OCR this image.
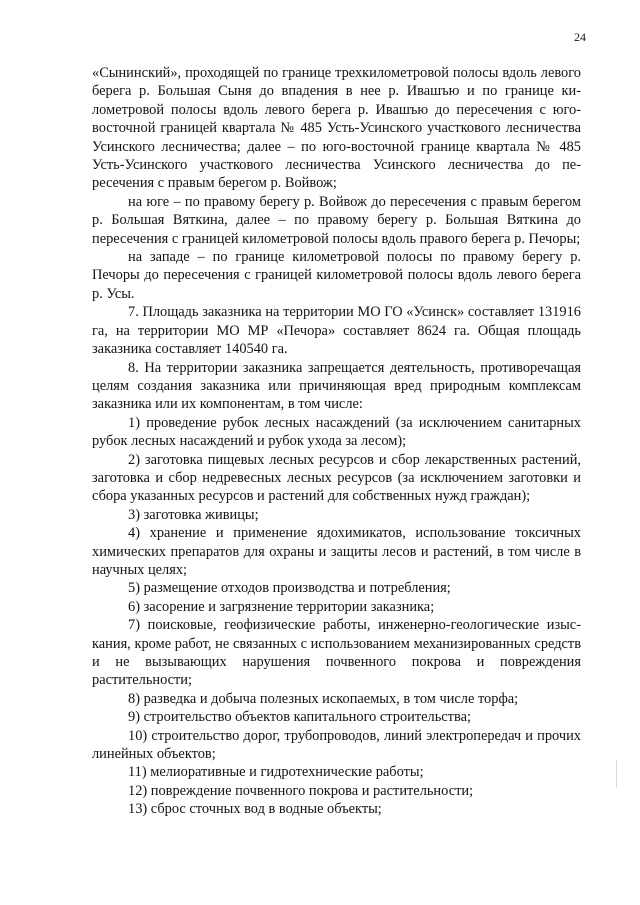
24

«Сынинский», проходящей по границе трехкилометровой полосы вдоль левого берега р. Большая Сыня до впадения в нее р. Ивашъю и по границе километровой полосы вдоль левого берега р. Ивашъю до пересечения с юго-восточной границей квартала № 485 Усть-Усинского участкового лесничества Усинского лесничества; далее – по юго-восточной границе квартала № 485 Усть-Усинского участкового лесничества Усинского лесничества до пересечения с правым берегом р. Войвож;

на юге – по правому берегу р. Войвож до пересечения с правым берегом р. Большая Вяткина, далее – по правому берегу р. Большая Вяткина до пересечения с границей километровой полосы вдоль правого берега р. Печоры;

на западе – по границе километровой полосы по правому берегу р. Печоры до пересечения с границей километровой полосы вдоль левого берега р. Усы.

7. Площадь заказника на территории МО ГО «Усинск» составляет 131916 га, на территории МО МР «Печора» составляет 8624 га. Общая площадь заказника составляет 140540 га.

8. На территории заказника запрещается деятельность, противоречащая целям создания заказника или причиняющая вред природным комплексам заказника или их компонентам, в том числе:

1) проведение рубок лесных насаждений (за исключением санитарных рубок лесных насаждений и рубок ухода за лесом);

2) заготовка пищевых лесных ресурсов и сбор лекарственных растений, заготовка и сбор недревесных лесных ресурсов (за исключением заготовки и сбора указанных ресурсов и растений для собственных нужд граждан);

3) заготовка живицы;

4) хранение и применение ядохимикатов, использование токсичных химических препаратов для охраны и защиты лесов и растений, в том числе в научных целях;

5) размещение отходов производства и потребления;

6) засорение и загрязнение территории заказника;

7) поисковые, геофизические работы, инженерно-геологические изыскания, кроме работ, не связанных с использованием механизированных средств и не вызывающих нарушения почвенного покрова и повреждения растительности;

8) разведка и добыча полезных ископаемых, в том числе торфа;

9) строительство объектов капитального строительства;

10) строительство дорог, трубопроводов, линий электропередач и прочих линейных объектов;

11) мелиоративные и гидротехнические работы;

12) повреждение почвенного покрова и растительности;

13) сброс сточных вод в водные объекты;
